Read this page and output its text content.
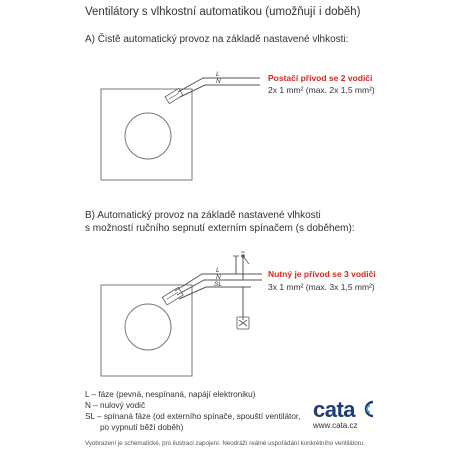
Ventilátory s vlhkostní automatikou (umožňují i doběh)
A) Čistě automatický provoz na základě nastavené vlhkosti:
L
N
L
N
SL
Postačí přívod se 2 vodiči
2x 1 mm² (max. 2x 1,5 mm²)
B) Automatický provoz na základě nastavené vlhkosti
s možností ručního sepnutí externím spínačem (s doběhem):
Nutný je přívod se 3 vodiči
3x 1 mm² (max. 3x 1,5 mm²)
L – fáze (pevná, nespínaná, napájí elektroniku)
N – nulový vodič
SL – spínaná fáze (od externího spínače, spouští ventilátor,
po vypnutí běží doběh)
cata
www.cata.cz
Vyobrazení je schematické, pro ilustraci zapojení. Neodráží reálné uspořádání konkrétního ventilátoru.
